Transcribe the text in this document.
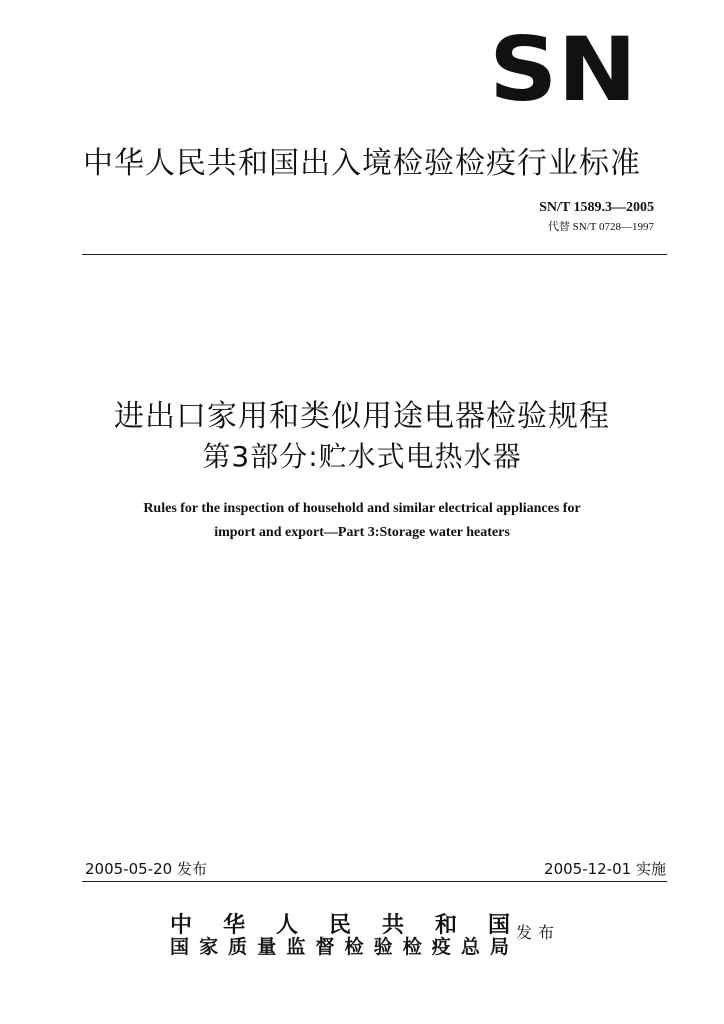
SN
中华人民共和国出入境检验检疫行业标准
SN/T 1589.3—2005
代替 SN/T 0728—1997
进出口家用和类似用途电器检验规程
第3部分:贮水式电热水器
Rules for the inspection of household and similar electrical appliances for
import and export—Part 3:Storage water heaters
2005-05-20 发布	2005-12-01 实施
中华人民共和国
国家质量监督检验检疫总局
发布
